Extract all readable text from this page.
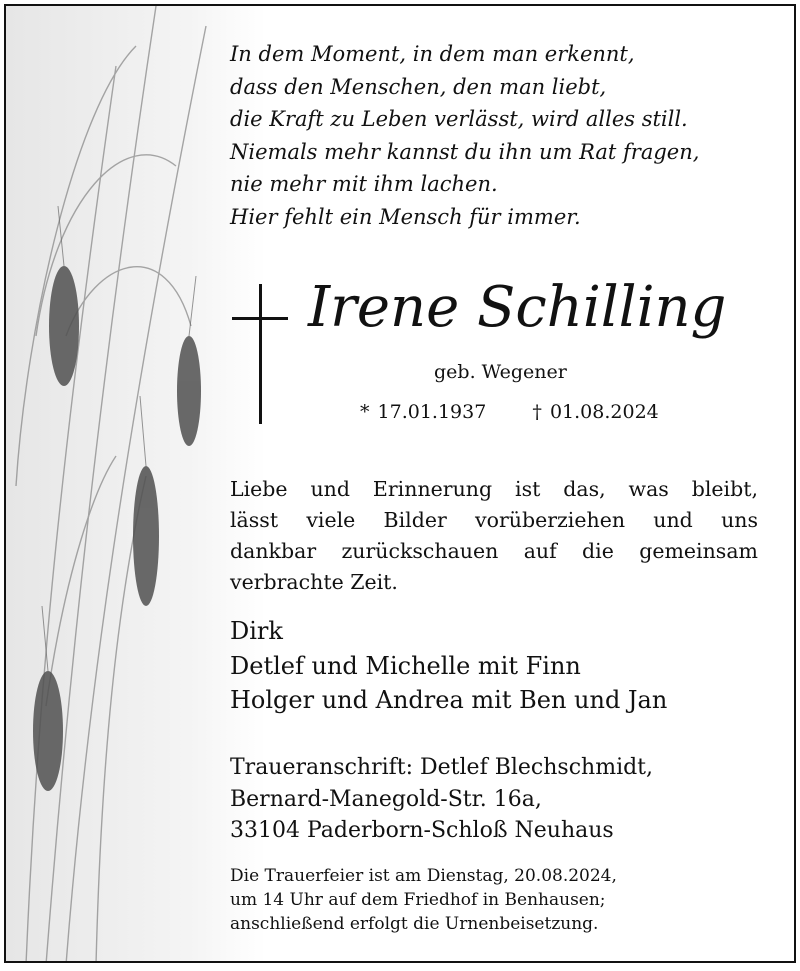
In dem Moment, in dem man erkennt,
dass den Menschen, den man liebt,
die Kraft zu Leben verlässt, wird alles still.
Niemals mehr kannst du ihn um Rat fragen,
nie mehr mit ihm lachen.
Hier fehlt ein Mensch für immer.
Irene Schilling
geb. Wegener
* 17.01.1937 † 01.08.2024
Liebe und Erinnerung ist das, was bleibt,
lässt viele Bilder vorüberziehen und uns
dankbar zurückschauen auf die gemeinsam
verbrachte Zeit.
Dirk
Detlef und Michelle mit Finn
Holger und Andrea mit Ben und Jan
Traueranschrift: Detlef Blechschmidt,
Bernard-Manegold-Str. 16a,
33104 Paderborn-Schloß Neuhaus
Die Trauerfeier ist am Dienstag, 20.08.2024,
um 14 Uhr auf dem Friedhof in Benhausen;
anschließend erfolgt die Urnenbeisetzung.
